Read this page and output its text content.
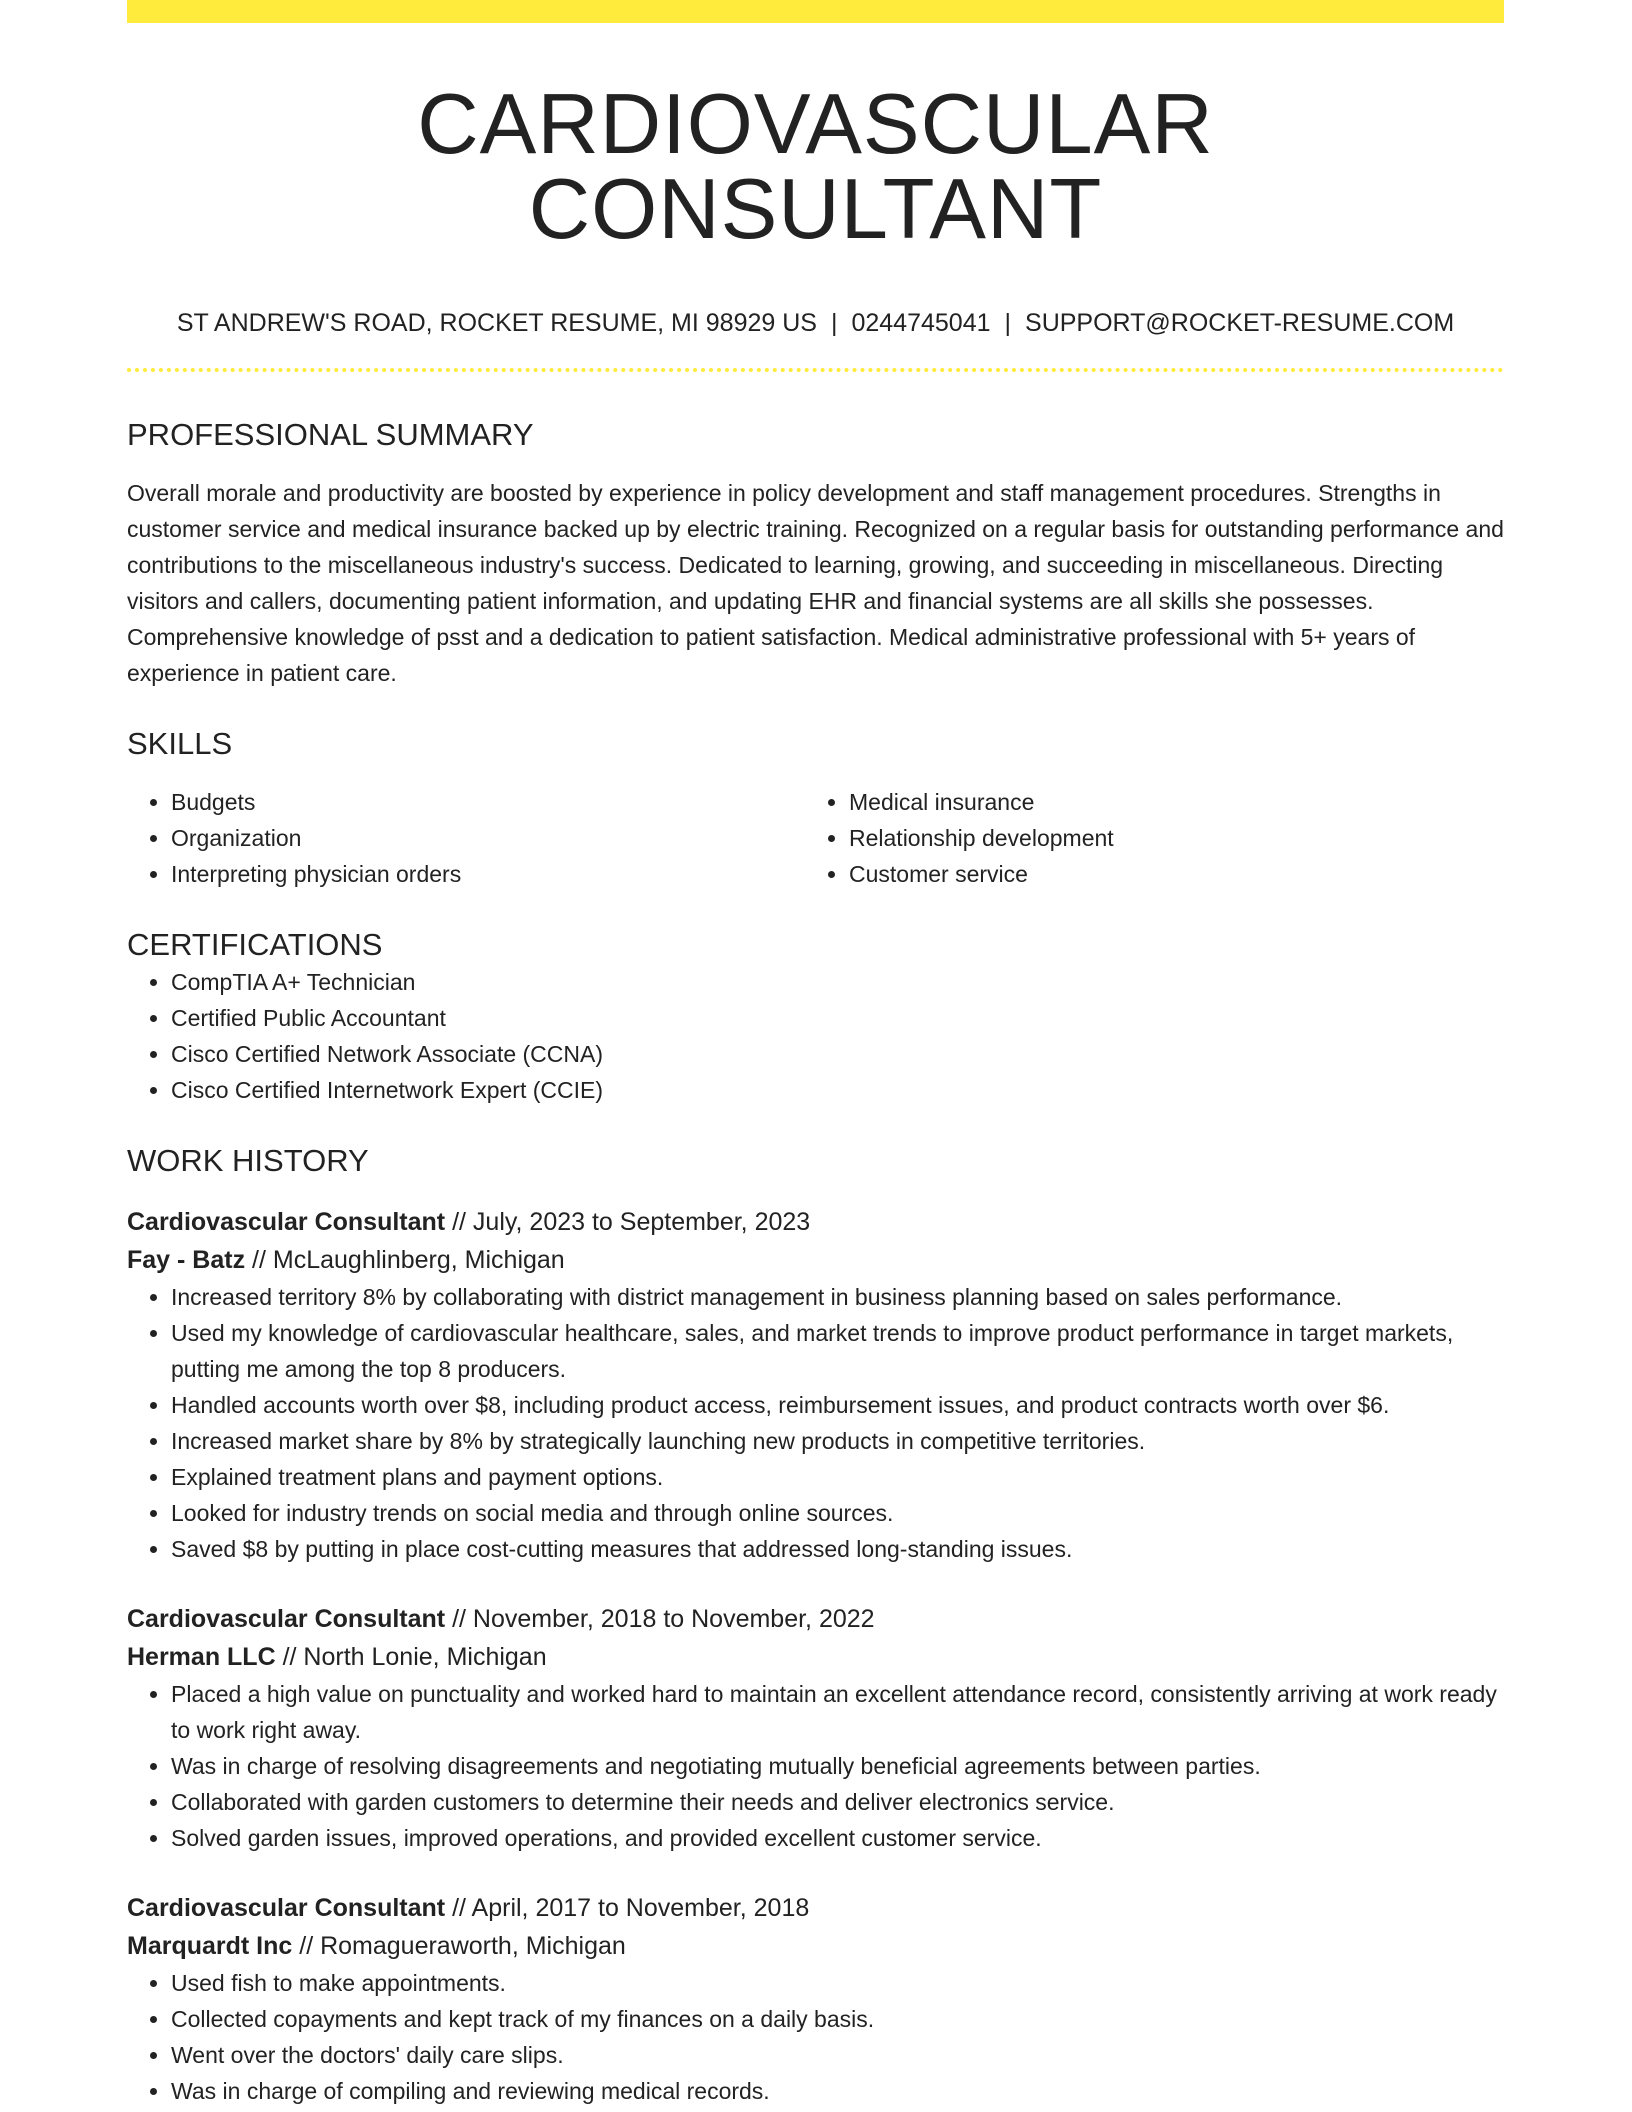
CARDIOVASCULAR CONSULTANT
ST ANDREW'S ROAD, ROCKET RESUME, MI 98929 US | 0244745041 | SUPPORT@ROCKET-RESUME.COM
PROFESSIONAL SUMMARY

Overall morale and productivity are boosted by experience in policy development and staff management procedures. Strengths in customer service and medical insurance backed up by electric training. Recognized on a regular basis for outstanding performance and contributions to the miscellaneous industry's success. Dedicated to learning, growing, and succeeding in miscellaneous. Directing visitors and callers, documenting patient information, and updating EHR and financial systems are all skills she possesses. Comprehensive knowledge of psst and a dedication to patient satisfaction. Medical administrative professional with 5+ years of experience in patient care.

SKILLS
• Budgets
• Organization
• Interpreting physician orders
• Medical insurance
• Relationship development
• Customer service
CERTIFICATIONS
• CompTIA A+ Technician
• Certified Public Accountant
• Cisco Certified Network Associate (CCNA)
• Cisco Certified Internetwork Expert (CCIE)
WORK HISTORY
Cardiovascular Consultant // July, 2023 to September, 2023
Fay - Batz // McLaughlinberg, Michigan
• Increased territory 8% by collaborating with district management in business planning based on sales performance.
• Used my knowledge of cardiovascular healthcare, sales, and market trends to improve product performance in target markets, putting me among the top 8 producers.
• Handled accounts worth over $8, including product access, reimbursement issues, and product contracts worth over $6.
• Increased market share by 8% by strategically launching new products in competitive territories.
• Explained treatment plans and payment options.
• Looked for industry trends on social media and through online sources.
• Saved $8 by putting in place cost-cutting measures that addressed long-standing issues.
Cardiovascular Consultant // November, 2018 to November, 2022
Herman LLC // North Lonie, Michigan
• Placed a high value on punctuality and worked hard to maintain an excellent attendance record, consistently arriving at work ready to work right away.
• Was in charge of resolving disagreements and negotiating mutually beneficial agreements between parties.
• Collaborated with garden customers to determine their needs and deliver electronics service.
• Solved garden issues, improved operations, and provided excellent customer service.
Cardiovascular Consultant // April, 2017 to November, 2018
Marquardt Inc // Romagueraworth, Michigan
• Used fish to make appointments.
• Collected copayments and kept track of my finances on a daily basis.
• Went over the doctors' daily care slips.
• Was in charge of compiling and reviewing medical records.
